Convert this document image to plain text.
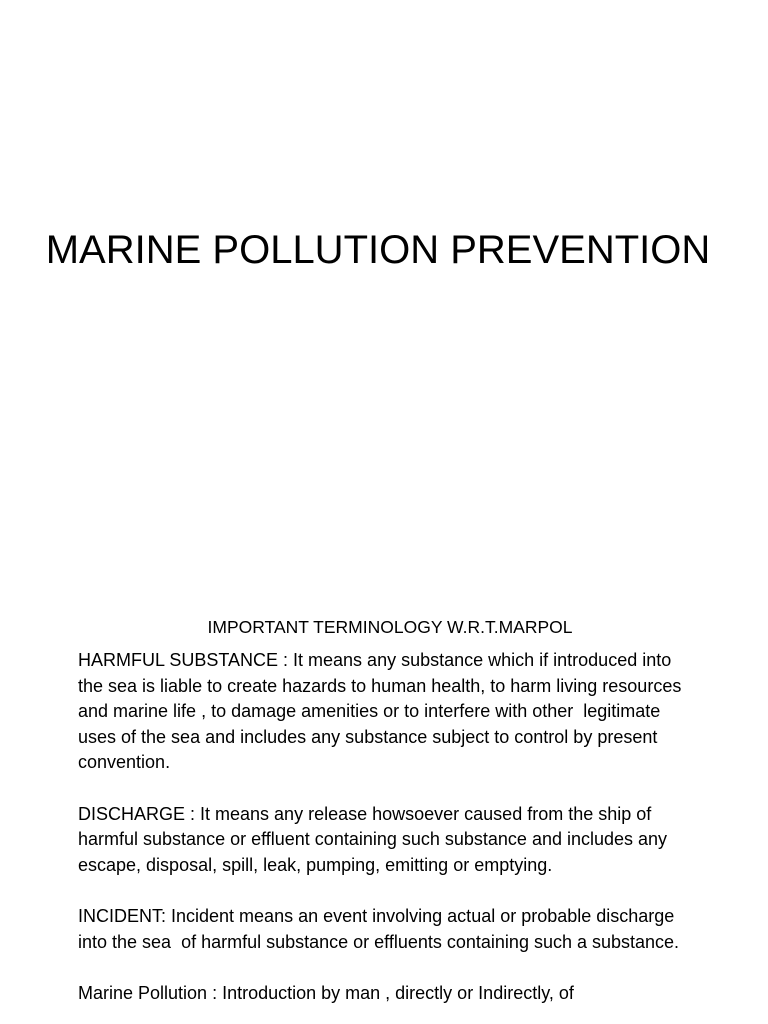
MARINE POLLUTION PREVENTION
IMPORTANT TERMINOLOGY W.R.T.MARPOL

HARMFUL SUBSTANCE : It means any substance which if introduced into the sea is liable to create hazards to human health, to harm living resources and marine life , to damage amenities or to interfere with other  legitimate uses of the sea and includes any substance subject to control by present convention.

DISCHARGE : It means any release howsoever caused from the ship of harmful substance or effluent containing such substance and includes any escape, disposal, spill, leak, pumping, emitting or emptying.

INCIDENT: Incident means an event involving actual or probable discharge into the sea  of harmful substance or effluents containing such a substance.

Marine Pollution : Introduction by man , directly or Indirectly, of
